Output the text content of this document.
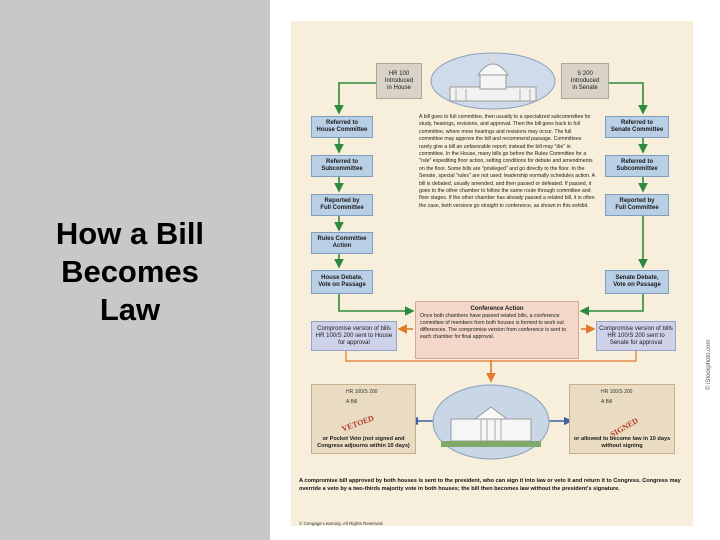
How a Bill
Becomes
Law
HR 100
Introduced
in House
S 200
Introduced
in Senate
Referred to
House Committee
Referred to
Subcommittee
Reported by
Full Committee
Rules Committee
Action
House Debate,
Vote on Passage
Referred to
Senate Committee
Referred to
Subcommittee
Reported by
Full Committee
Senate Debate,
Vote on Passage
A bill goes to full committee, then usually to a specialized subcommittee for study, hearings, revisions, and approval. Then the bill goes back to full committee, where more hearings and revisions may occur. The full committee may approve the bill and recommend passage. Committees rarely give a bill an unfavorable report; instead the bill may "die" in committee. In the House, many bills go before the Rules Committee for a "rule" expediting floor action, setting conditions for debate and amendments on the floor. Some bills are "privileged" and go directly to the floor. In the Senate, special "rules" are not used; leadership normally schedules action. A bill is debated, usually amended, and then passed or defeated. If passed, it goes to the other chamber to follow the same route through committee and floor stages. If the other chamber has already passed a related bill, it is often the case, both versions go straight to conference, as shown in this exhibit.
Conference Action
Once both chambers have passed related bills, a conference committee of members from both houses is formed to work out differences. The compromise version from conference is sent to each chamber for final approval.
Compromise version of bills HR 100/S 200 sent to House for approval
Compromise version of bills HR 100/S 200 sent to Senate for approval
or Pocket Veto (not signed and Congress adjourns within 10 days)
HR 100/S 200
A Bill
VETOED
or allowed to become law in 10 days without signing
HR 100/S 200
A Bill
SIGNED
A compromise bill approved by both houses is sent to the president, who can sign it into law or veto it and return it to Congress. Congress may override a veto by a two-thirds majority vote in both houses; the bill then becomes law without the president's signature.
© Cengage Learning. All Rights Reserved.
© iStockphoto.com
